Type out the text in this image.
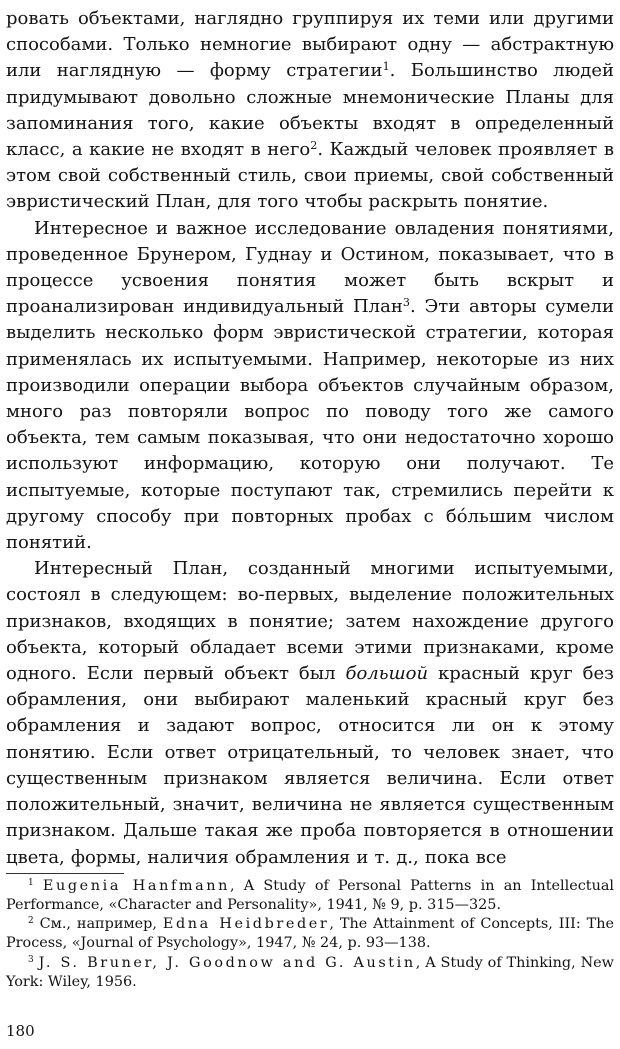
ровать объектами, наглядно группируя их теми или другими способами. Только немногие выбирают одну — абстрактную или наглядную — форму стратегии$^1$. Большинство людей придумывают довольно сложные мнемонические Планы для запоминания того, какие объекты входят в определенный класс, а какие не входят в него$^2$. Каждый человек проявляет в этом свой собственный стиль, свои приемы, свой собственный эвристический План, для того чтобы раскрыть понятие.

Интересное и важное исследование овладения понятиями, проведенное Брунером, Гуднау и Остином, показывает, что в процессе усвоения понятия может быть вскрыт и проанализирован индивидуальный План$^3$. Эти авторы сумели выделить несколько форм эвристической стратегии, которая применялась их испытуемыми. Например, некоторые из них производили операции выбора объектов случайным образом, много раз повторяли вопрос по поводу того же самого объекта, тем самым показывая, что они недостаточно хорошо используют информацию, которую они получают. Те испытуемые, которые поступают так, стремились перейти к другому способу при повторных пробах с бо́льшим числом понятий.

Интересный План, созданный многими испытуемыми, состоял в следующем: во-первых, выделение положительных признаков, входящих в понятие; затем нахождение другого объекта, который обладает всеми этими признаками, кроме одного. Если первый объект был большой красный круг без обрамления, они выбирают маленький красный круг без обрамления и задают вопрос, относится ли он к этому понятию. Если ответ отрицательный, то человек знает, что существенным признаком является величина. Если ответ положительный, значит, величина не является существенным признаком. Дальше такая же проба повторяется в отношении цвета, формы, наличия обрамления и т. д., пока все

$^1$ Eugenia Hanfmann, A Study of Personal Patterns in an Intellectual Performance, «Character and Personality», 1941, № 9, p. 315—325.

$^2$ См., например, Edna Heidbreder, The Attainment of Concepts, III: The Process, «Journal of Psychology», 1947, № 24, p. 93—138.

$^3$ J. S. Bruner, J. Goodnow and G. Austin, A Study of Thinking, New York: Wiley, 1956.

180
